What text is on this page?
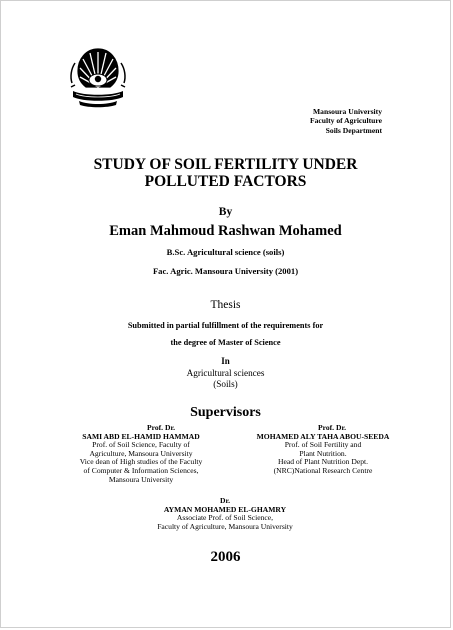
Mansoura University
Faculty of Agriculture
Soils Department
STUDY OF SOIL FERTILITY UNDER
POLLUTED FACTORS
By
Eman Mahmoud Rashwan Mohamed
B.Sc. Agricultural science (soils)
Fac. Agric. Mansoura University (2001)
Thesis
Submitted in partial fulfillment of the requirements for
the degree of Master of Science
In
Agricultural sciences
(Soils)
Supervisors
Prof. Dr.
SAMI ABD EL-HAMID HAMMAD
Prof. of Soil Science, Faculty of
Agriculture, Mansoura University
Vice dean of High studies of the Faculty
of Computer & Information Sciences,
Mansoura University
Prof. Dr.
MOHAMED ALY TAHA ABOU-SEEDA
Prof. of Soil Fertility and
Plant Nutrition.
Head of Plant Nutrition Dept.
(NRC)National Research Centre
Dr.
AYMAN MOHAMED EL-GHAMRY
Associate Prof. of Soil Science,
Faculty of Agriculture, Mansoura University
2006
